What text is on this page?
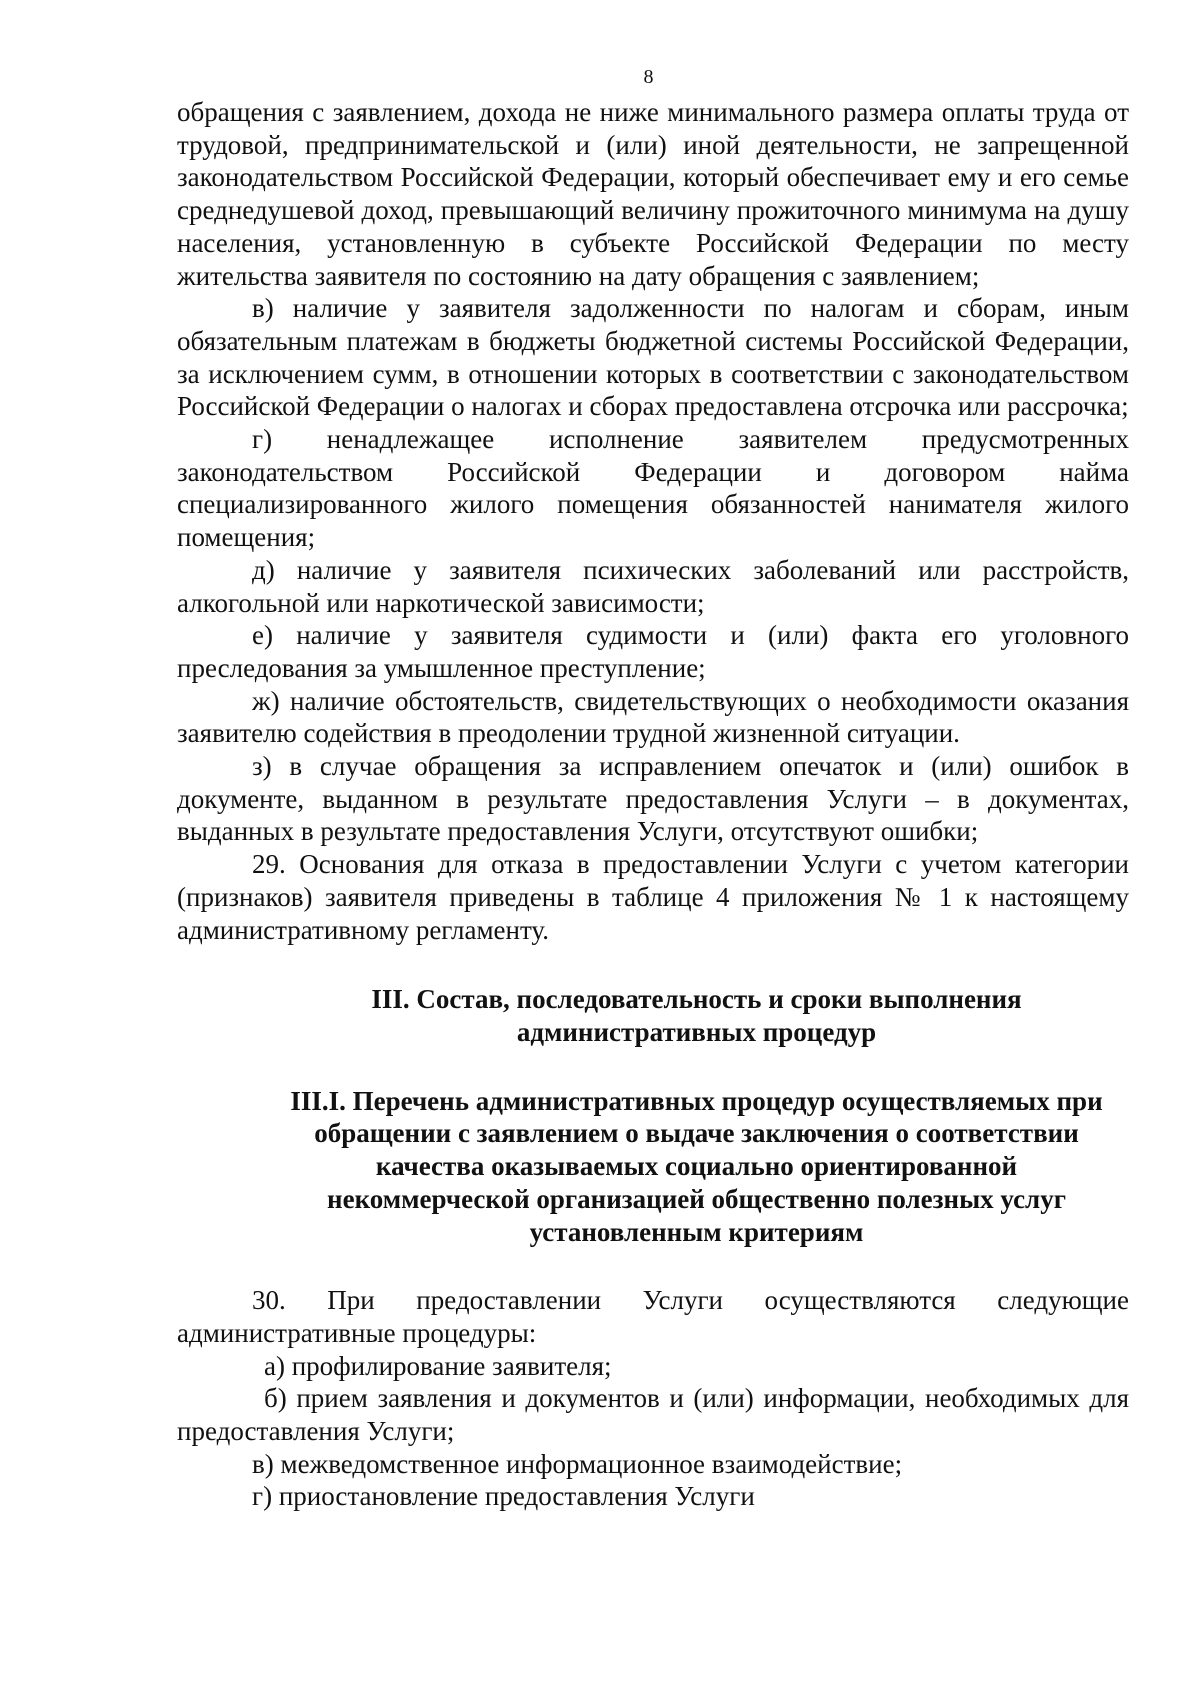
8

обращения с заявлением, дохода не ниже минимального размера оплаты труда от трудовой, предпринимательской и (или) иной деятельности, не запрещенной законодательством Российской Федерации, который обеспечивает ему и его семье среднедушевой доход, превышающий величину прожиточного минимума на душу населения, установленную в субъекте Российской Федерации по месту жительства заявителя по состоянию на дату обращения с заявлением;

в) наличие у заявителя задолженности по налогам и сборам, иным обязательным платежам в бюджеты бюджетной системы Российской Федерации, за исключением сумм, в отношении которых в соответствии с законодательством Российской Федерации о налогах и сборах предоставлена отсрочка или рассрочка;

г) ненадлежащее исполнение заявителем предусмотренных законодательством Российской Федерации и договором найма специализированного жилого помещения обязанностей нанимателя жилого помещения;

д) наличие у заявителя психических заболеваний или расстройств, алкогольной или наркотической зависимости;

е) наличие у заявителя судимости и (или) факта его уголовного преследования за умышленное преступление;

ж) наличие обстоятельств, свидетельствующих о необходимости оказания заявителю содействия в преодолении трудной жизненной ситуации.

з) в случае обращения за исправлением опечаток и (или) ошибок в документе, выданном в результате предоставления Услуги – в документах, выданных в результате предоставления Услуги, отсутствуют ошибки;

29. Основания для отказа в предоставлении Услуги с учетом категории (признаков) заявителя приведены в таблице 4 приложения № 1 к настоящему административному регламенту.

III. Состав, последовательность и сроки выполнения
административных процедур
III.I. Перечень административных процедур осуществляемых при
обращении с заявлением о выдаче заключения о соответствии
качества оказываемых социально ориентированной
некоммерческой организацией общественно полезных услуг
установленным критериям

30. При предоставлении Услуги осуществляются следующие административные процедуры:

а) профилирование заявителя;

б) прием заявления и документов и (или) информации, необходимых для предоставления Услуги;

в) межведомственное информационное взаимодействие;

г) приостановление предоставления Услуги
